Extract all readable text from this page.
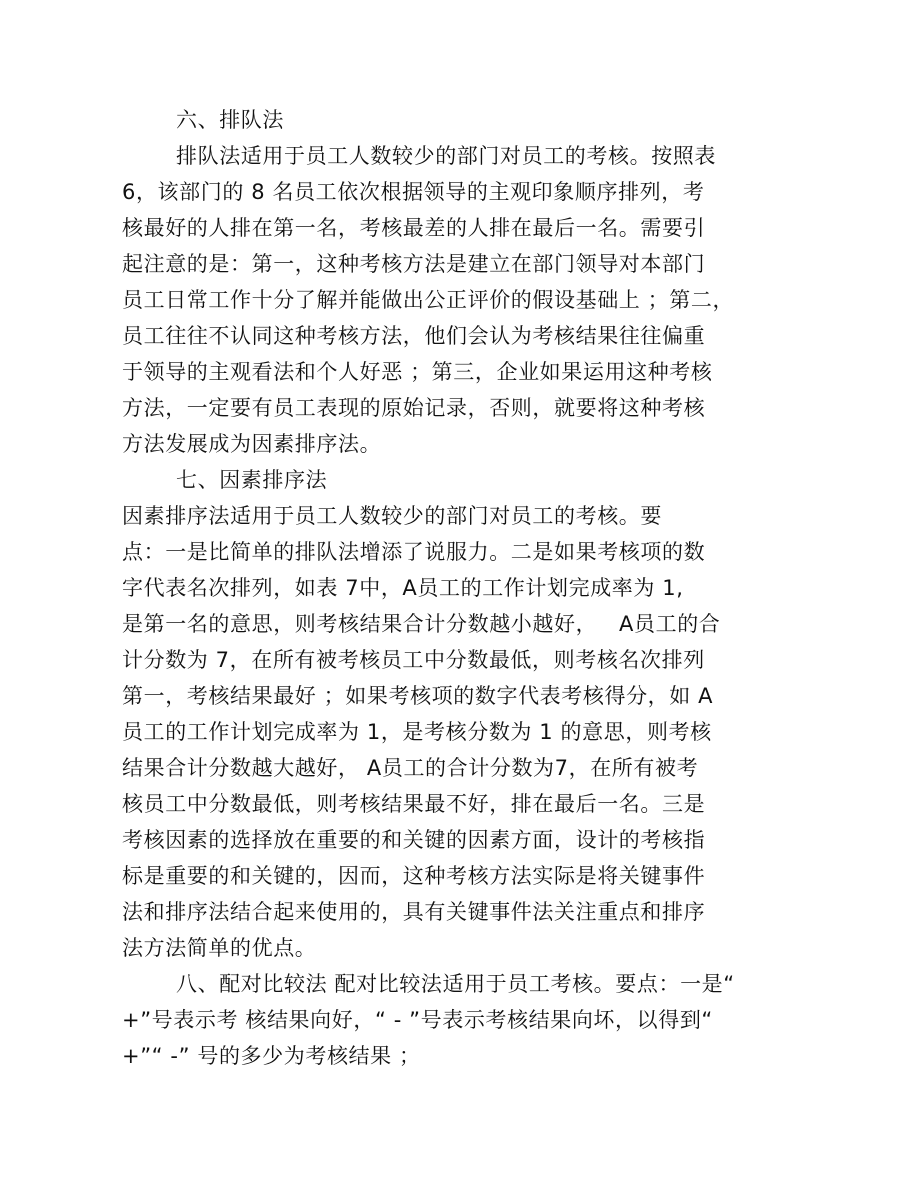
六、排队法
排队法适用于员工人数较少的部门对员工的考核。按照表
6，该部门的 8 名员工依次根据领导的主观印象顺序排列，考
核最好的人排在第一名，考核最差的人排在最后一名。需要引
起注意的是：第一，这种考核方法是建立在部门领导对本部门
员工日常工作十分了解并能做出公正评价的假设基础上 ；第二，
员工往往不认同这种考核方法，他们会认为考核结果往往偏重
于领导的主观看法和个人好恶 ；第三，企业如果运用这种考核
方法，一定要有员工表现的原始记录，否则，就要将这种考核
方法发展成为因素排序法。
七、因素排序法
因素排序法适用于员工人数较少的部门对员工的考核。要
点：一是比简单的排队法增添了说服力。二是如果考核项的数
字代表名次排列，如表 7中，A员工的工作计划完成率为 1,
是第一名的意思，则考核结果合计分数越小越好，   A员工的合
计分数为 7，在所有被考核员工中分数最低，则考核名次排列
第一，考核结果最好 ；如果考核项的数字代表考核得分，如 A
员工的工作计划完成率为 1，是考核分数为 1 的意思，则考核
结果合计分数越大越好， A员工的合计分数为7，在所有被考
核员工中分数最低，则考核结果最不好，排在最后一名。三是
考核因素的选择放在重要的和关键的因素方面，设计的考核指
标是重要的和关键的，因而，这种考核方法实际是将关键事件
法和排序法结合起来使用的，具有关键事件法关注重点和排序
法方法简单的优点。
八、配对比较法 配对比较法适用于员工考核。要点：一是“
+”号表示考 核结果向好，“ - ”号表示考核结果向坏，以得到“
+”“ -” 号的多少为考核结果 ；
